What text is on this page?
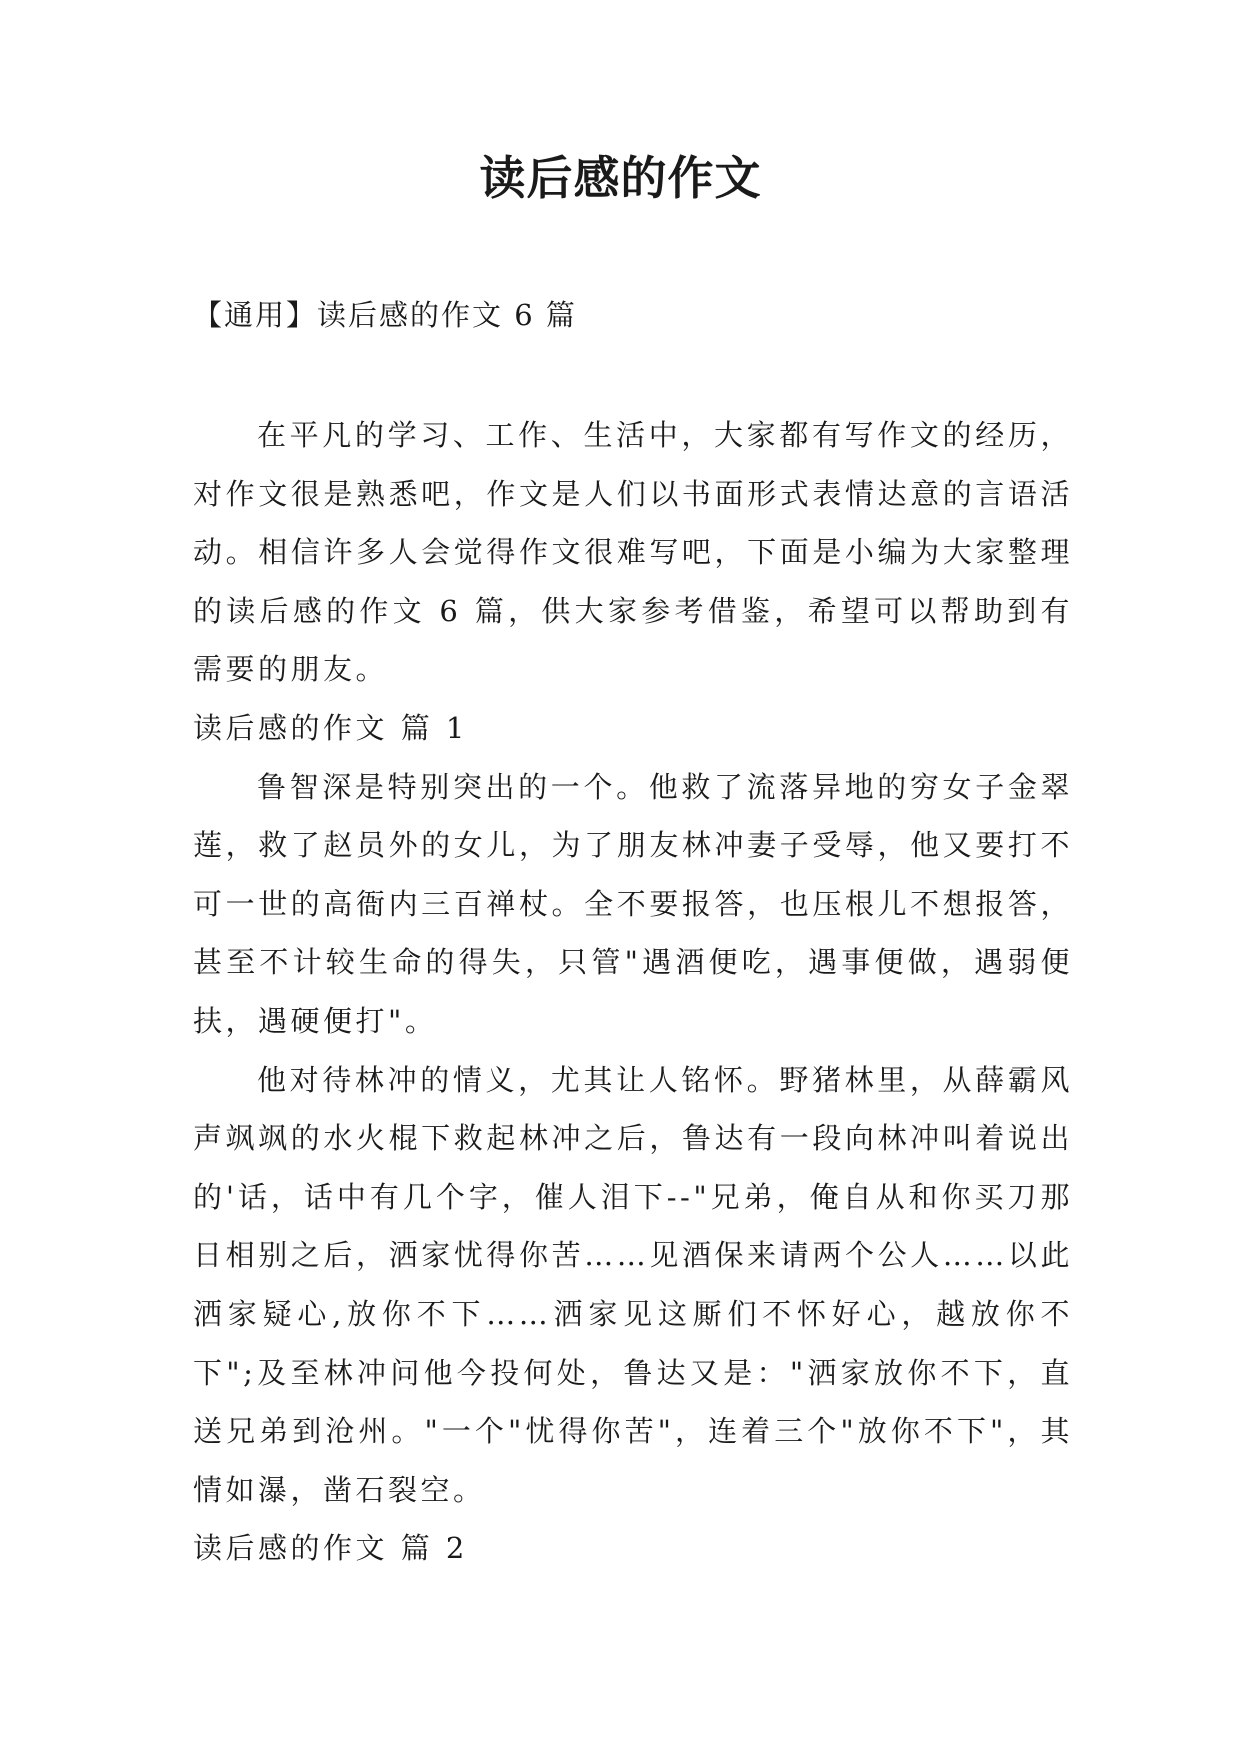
读后感的作文
【通用】读后感的作文 6 篇

在平凡的学习、工作、生活中，大家都有写作文的经历，对作文很是熟悉吧，作文是人们以书面形式表情达意的言语活动。相信许多人会觉得作文很难写吧，下面是小编为大家整理的读后感的作文 6 篇，供大家参考借鉴，希望可以帮助到有需要的朋友。

读后感的作文 篇 1

鲁智深是特别突出的一个。他救了流落异地的穷女子金翠莲，救了赵员外的女儿，为了朋友林冲妻子受辱，他又要打不可一世的高衙内三百禅杖。全不要报答，也压根儿不想报答，甚至不计较生命的得失，只管"遇酒便吃，遇事便做，遇弱便扶，遇硬便打"。

他对待林冲的情义，尤其让人铭怀。野猪林里，从薛霸风声飒飒的水火棍下救起林冲之后，鲁达有一段向林冲叫着说出的'话，话中有几个字，催人泪下--"兄弟，俺自从和你买刀那日相别之后，洒家忧得你苦……见酒保来请两个公人……以此洒家疑心,放你不下……洒家见这厮们不怀好心，越放你不下";及至林冲问他今投何处，鲁达又是："洒家放你不下，直送兄弟到沧州。"一个"忧得你苦"，连着三个"放你不下"，其情如瀑，凿石裂空。

读后感的作文 篇 2
